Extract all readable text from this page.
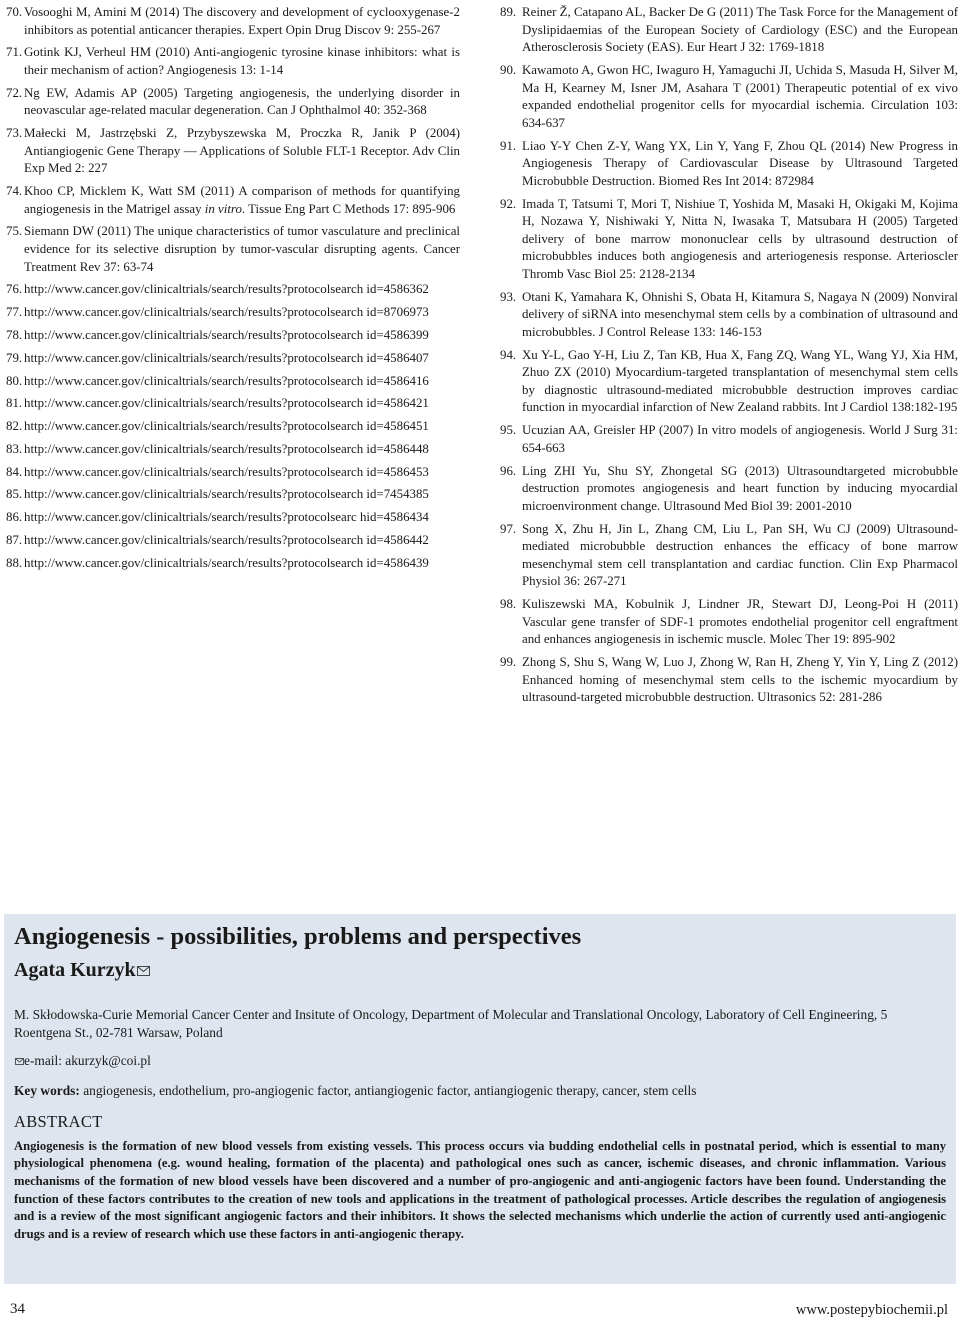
70. Vosooghi M, Amini M (2014) The discovery and development of cyclooxygenase-2 inhibitors as potential anticancer therapies. Expert Opin Drug Discov 9: 255-267
71. Gotink KJ, Verheul HM (2010) Anti-angiogenic tyrosine kinase inhibitors: what is their mechanism of action? Angiogenesis 13: 1-14
72. Ng EW, Adamis AP (2005) Targeting angiogenesis, the underlying disorder in neovascular age-related macular degeneration. Can J Ophthalmol 40: 352-368
73. Małecki M, Jastrzębski Z, Przybyszewska M, Proczka R, Janik P (2004) Antiangiogenic Gene Therapy — Applications of Soluble FLT-1 Receptor. Adv Clin Exp Med 2: 227
74. Khoo CP, Micklem K, Watt SM (2011) A comparison of methods for quantifying angiogenesis in the Matrigel assay in vitro. Tissue Eng Part C Methods 17: 895-906
75. Siemann DW (2011) The unique characteristics of tumor vasculature and preclinical evidence for its selective disruption by tumor-vascular disrupting agents. Cancer Treatment Rev 37: 63-74
76. http://www.cancer.gov/clinicaltrials/search/results?protocolsearch id=4586362
77. http://www.cancer.gov/clinicaltrials/search/results?protocolsearch id=8706973
78. http://www.cancer.gov/clinicaltrials/search/results?protocolsearch id=4586399
79. http://www.cancer.gov/clinicaltrials/search/results?protocolsearch id=4586407
80. http://www.cancer.gov/clinicaltrials/search/results?protocolsearch id=4586416
81. http://www.cancer.gov/clinicaltrials/search/results?protocolsearch id=4586421
82. http://www.cancer.gov/clinicaltrials/search/results?protocolsearch id=4586451
83. http://www.cancer.gov/clinicaltrials/search/results?protocolsearch id=4586448
84. http://www.cancer.gov/clinicaltrials/search/results?protocolsearch id=4586453
85. http://www.cancer.gov/clinicaltrials/search/results?protocolsearch id=7454385
86. http://www.cancer.gov/clinicaltrials/search/results?protocolsearc hid=4586434
87. http://www.cancer.gov/clinicaltrials/search/results?protocolsearch id=4586442
88. http://www.cancer.gov/clinicaltrials/search/results?protocolsearch id=4586439
89. Reiner Ž, Catapano AL, Backer De G (2011) The Task Force for the Management of Dyslipidaemias of the European Society of Cardiology (ESC) and the European Atherosclerosis Society (EAS). Eur Heart J 32: 1769-1818
90. Kawamoto A, Gwon HC, Iwaguro H, Yamaguchi JI, Uchida S, Masuda H, Silver M, Ma H, Kearney M, Isner JM, Asahara T (2001) Therapeutic potential of ex vivo expanded endothelial progenitor cells for myocardial ischemia. Circulation 103: 634-637
91. Liao Y-Y Chen Z-Y, Wang YX, Lin Y, Yang F, Zhou QL (2014) New Progress in Angiogenesis Therapy of Cardiovascular Disease by Ultrasound Targeted Microbubble Destruction. Biomed Res Int 2014: 872984
92. Imada T, Tatsumi T, Mori T, Nishiue T, Yoshida M, Masaki H, Okigaki M, Kojima H, Nozawa Y, Nishiwaki Y, Nitta N, Iwasaka T, Matsubara H (2005) Targeted delivery of bone marrow mononuclear cells by ultrasound destruction of microbubbles induces both angiogenesis and arteriogenesis response. Arterioscler Thromb Vasc Biol 25: 2128-2134
93. Otani K, Yamahara K, Ohnishi S, Obata H, Kitamura S, Nagaya N (2009) Nonviral delivery of siRNA into mesenchymal stem cells by a combination of ultrasound and microbubbles. J Control Release 133: 146-153
94. Xu Y-L, Gao Y-H, Liu Z, Tan KB, Hua X, Fang ZQ, Wang YL, Wang YJ, Xia HM, Zhuo ZX (2010) Myocardium-targeted transplantation of mesenchymal stem cells by diagnostic ultrasound-mediated microbubble destruction improves cardiac function in myocardial infarction of New Zealand rabbits. Int J Cardiol 138:182-195
95. Ucuzian AA, Greisler HP (2007) In vitro models of angiogenesis. World J Surg 31: 654-663
96. Ling ZHI Yu, Shu SY, Zhongetal SG (2013) Ultrasoundtargeted microbubble destruction promotes angiogenesis and heart function by inducing myocardial microenvironment change. Ultrasound Med Biol 39: 2001-2010
97. Song X, Zhu H, Jin L, Zhang CM, Liu L, Pan SH, Wu CJ (2009) Ultrasound-mediated microbubble destruction enhances the efficacy of bone marrow mesenchymal stem cell transplantation and cardiac function. Clin Exp Pharmacol Physiol 36: 267-271
98. Kuliszewski MA, Kobulnik J, Lindner JR, Stewart DJ, Leong-Poi H (2011) Vascular gene transfer of SDF-1 promotes endothelial progenitor cell engraftment and enhances angiogenesis in ischemic muscle. Molec Ther 19: 895-902
99. Zhong S, Shu S, Wang W, Luo J, Zhong W, Ran H, Zheng Y, Yin Y, Ling Z (2012) Enhanced homing of mesenchymal stem cells to the ischemic myocardium by ultrasound-targeted microbubble destruction. Ultrasonics 52: 281-286
Angiogenesis - possibilities, problems and perspectives
Agata Kurzyk
M. Skłodowska-Curie Memorial Cancer Center and Insitute of Oncology, Department of Molecular and Translational Oncology, Laboratory of Cell Engineering, 5 Roentgena St., 02-781 Warsaw, Poland
e-mail: akurzyk@coi.pl
Key words: angiogenesis, endothelium, pro-angiogenic factor, antiangiogenic factor, antiangiogenic therapy, cancer, stem cells
ABSTRACT
Angiogenesis is the formation of new blood vessels from existing vessels. This process occurs via budding endothelial cells in postnatal period, which is essential to many physiological phenomena (e.g. wound healing, formation of the placenta) and pathological ones such as cancer, ischemic diseases, and chronic inflammation. Various mechanisms of the formation of new blood vessels have been discovered and a number of pro-angiogenic and anti-angiogenic factors have been found. Understanding the function of these factors contributes to the creation of new tools and applications in the treatment of pathological processes. Article describes the regulation of angiogenesis and is a review of the most significant angiogenic factors and their inhibitors. It shows the selected mechanisms which underlie the action of currently used anti-angiogenic drugs and is a review of research which use these factors in anti-angiogenic therapy.
34	www.postepybiochemii.pl
